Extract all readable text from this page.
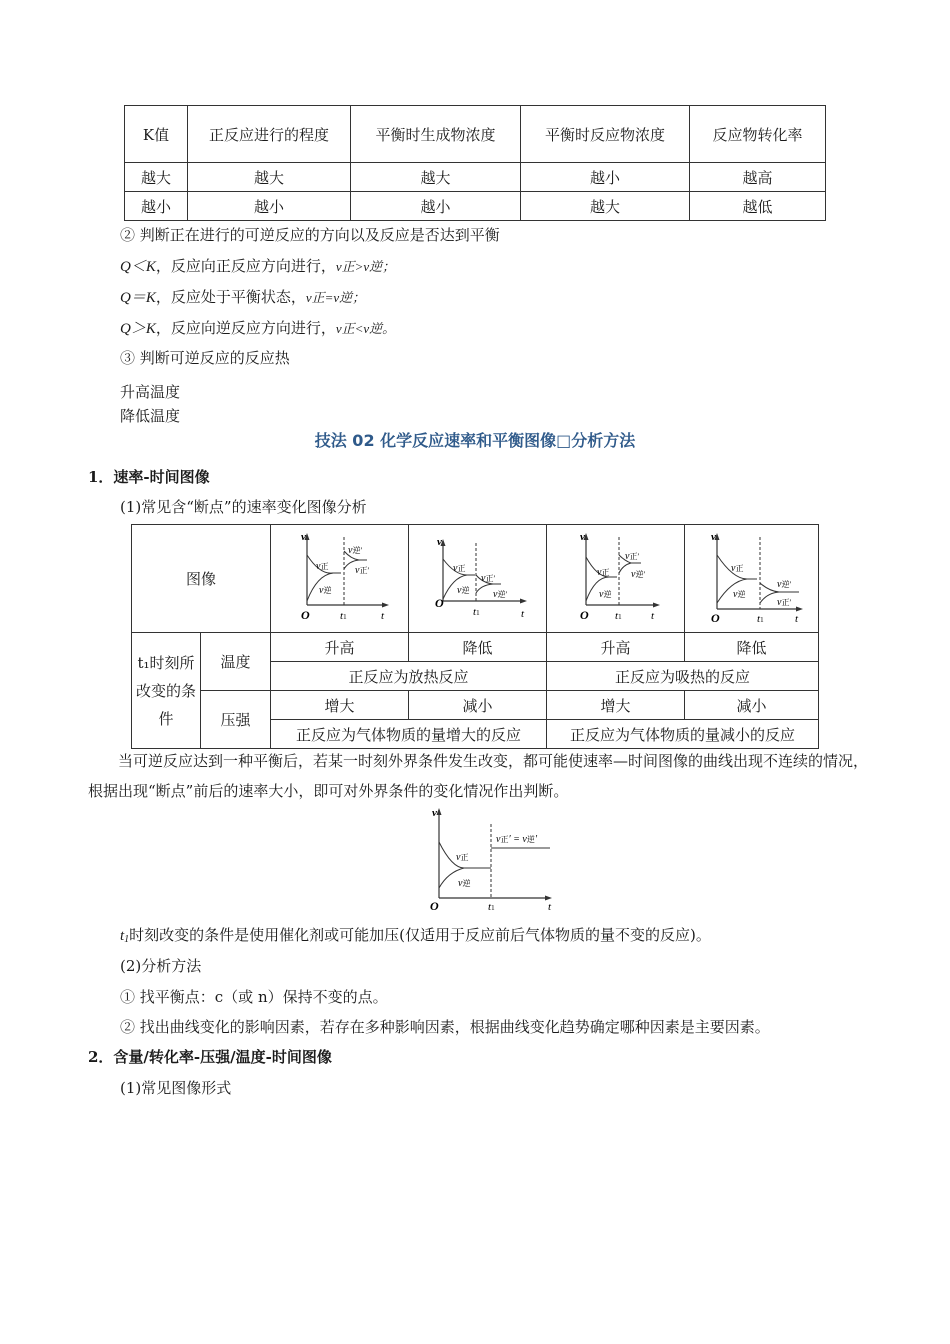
K值	正反应进行的程度	平衡时生成物浓度	平衡时反应物浓度	反应物转化率
越大	越大	越大	越小	越高
越小	越小	越小	越大	越低
② 判断正在进行的可逆反应的方向以及反应是否达到平衡
Q＜K，反应向正反应方向进行，v正>v逆；
Q＝K，反应处于平衡状态，v正=v逆；
Q＞K，反应向逆反应方向进行，v正<v逆。
③ 判断可逆反应的反应热
升高温度
降低温度
技法 02 化学反应速率和平衡图像□分析方法
1．速率-时间图像
(1)常见含“断点”的速率变化图像分析
图像	
v
v正
v逆
v逆′
v正′
O	t1	t

v
v正
v逆
v正′
v逆′
O
t1	t

v
v正
v逆
v正′
v逆′
O t1	t

v
v正
v逆
v逆′
v正′
O	t1	t

t₁时刻所改变的条件	温度	升高	降低	升高	降低
		正反应为放热反应		正反应为吸热的反应	
	压强	增大	减小	增大	减小
		正反应为气体物质的量增大的反应		正反应为气体物质的量减小的反应	
当可逆反应达到一种平衡后，若某一时刻外界条件发生改变，都可能使速率—时间图像的曲线出现不连续的情况，根据出现“断点”前后的速率大小，即可对外界条件的变化情况作出判断。
v
v正
v逆
v正′ = v逆′
O	t1	t
$t_1$时刻改变的条件是使用催化剂或可能加压(仅适用于反应前后气体物质的量不变的反应)。
(2)分析方法
① 找平衡点：c（或 n）保持不变的点。
② 找出曲线变化的影响因素，若存在多种影响因素，根据曲线变化趋势确定哪种因素是主要因素。
2．含量/转化率-压强/温度-时间图像
(1)常见图像形式
